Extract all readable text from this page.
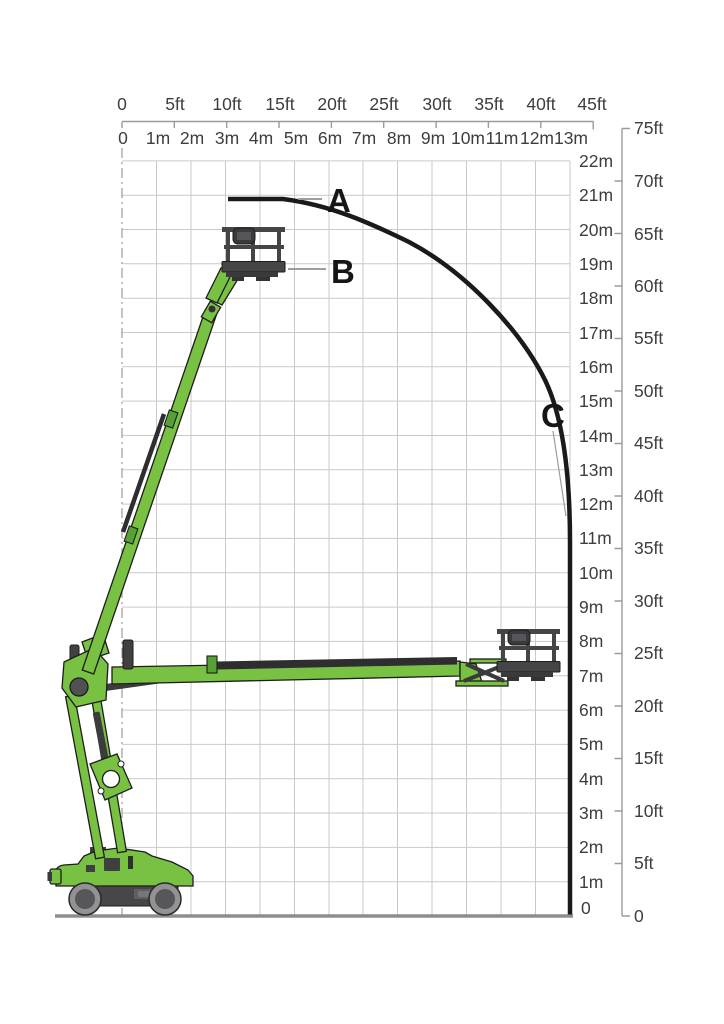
0 5ft 10ft 15ft 20ft 25ft 30ft 35ft 40ft 45ft
0 1m 2m 3m 4m 5m 6m 7m 8m 9m 10m 11m 12m 13m
22m
21m
20m
19m
18m
17m
16m
15m
14m
13m
12m
11m
10m
9m
8m
7m
6m
5m
4m
3m
2m
1m
0
75ft
70ft
65ft
60ft
55ft
50ft
45ft
40ft
35ft
30ft
25ft
20ft
15ft
10ft
5ft
0
A
B
C
